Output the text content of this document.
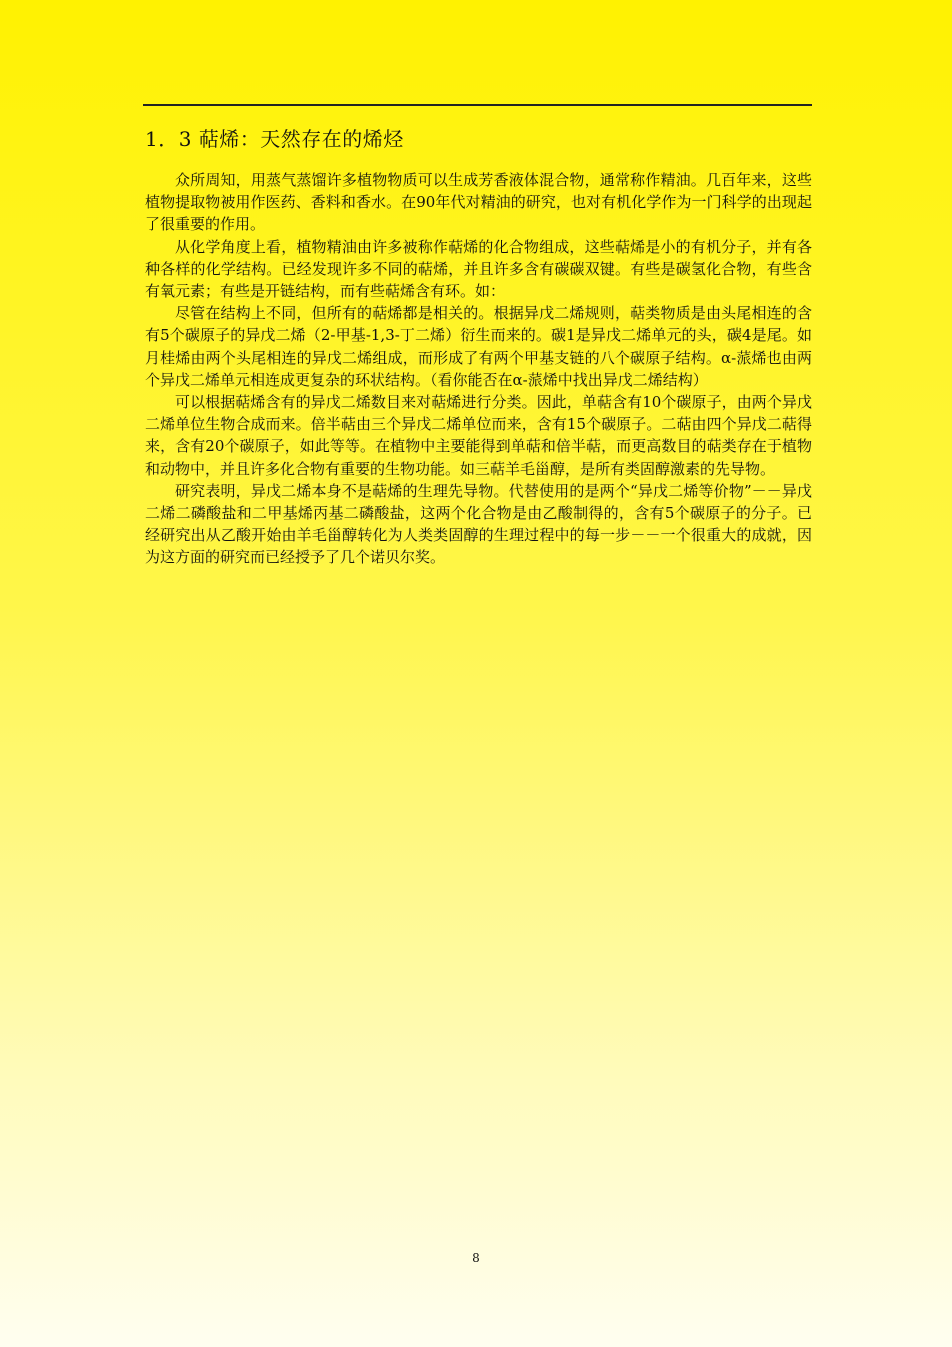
1．3 萜烯：天然存在的烯烃

众所周知，用蒸气蒸馏许多植物物质可以生成芳香液体混合物，通常称作精油。几百年来，这些植物提取物被用作医药、香料和香水。在90年代对精油的研究，也对有机化学作为一门科学的出现起了很重要的作用。

从化学角度上看，植物精油由许多被称作萜烯的化合物组成，这些萜烯是小的有机分子，并有各种各样的化学结构。已经发现许多不同的萜烯，并且许多含有碳碳双键。有些是碳氢化合物，有些含有氧元素；有些是开链结构，而有些萜烯含有环。如：

尽管在结构上不同，但所有的萜烯都是相关的。根据异戊二烯规则，萜类物质是由头尾相连的含有5个碳原子的异戊二烯（2-甲基-1,3-丁二烯）衍生而来的。碳1是异戊二烯单元的头，碳4是尾。如月桂烯由两个头尾相连的异戊二烯组成，而形成了有两个甲基支链的八个碳原子结构。α-蒎烯也由两个异戊二烯单元相连成更复杂的环状结构。（看你能否在α-蒎烯中找出异戊二烯结构）

可以根据萜烯含有的异戊二烯数目来对萜烯进行分类。因此，单萜含有10个碳原子，由两个异戊二烯单位生物合成而来。倍半萜由三个异戊二烯单位而来，含有15个碳原子。二萜由四个异戊二萜得来，含有20个碳原子，如此等等。在植物中主要能得到单萜和倍半萜，而更高数目的萜类存在于植物和动物中，并且许多化合物有重要的生物功能。如三萜羊毛甾醇，是所有类固醇激素的先导物。

研究表明，异戊二烯本身不是萜烯的生理先导物。代替使用的是两个“异戊二烯等价物”－－异戊二烯二磷酸盐和二甲基烯丙基二磷酸盐，这两个化合物是由乙酸制得的，含有5个碳原子的分子。已经研究出从乙酸开始由羊毛甾醇转化为人类类固醇的生理过程中的每一步－－一个很重大的成就，因为这方面的研究而已经授予了几个诺贝尔奖。

8
